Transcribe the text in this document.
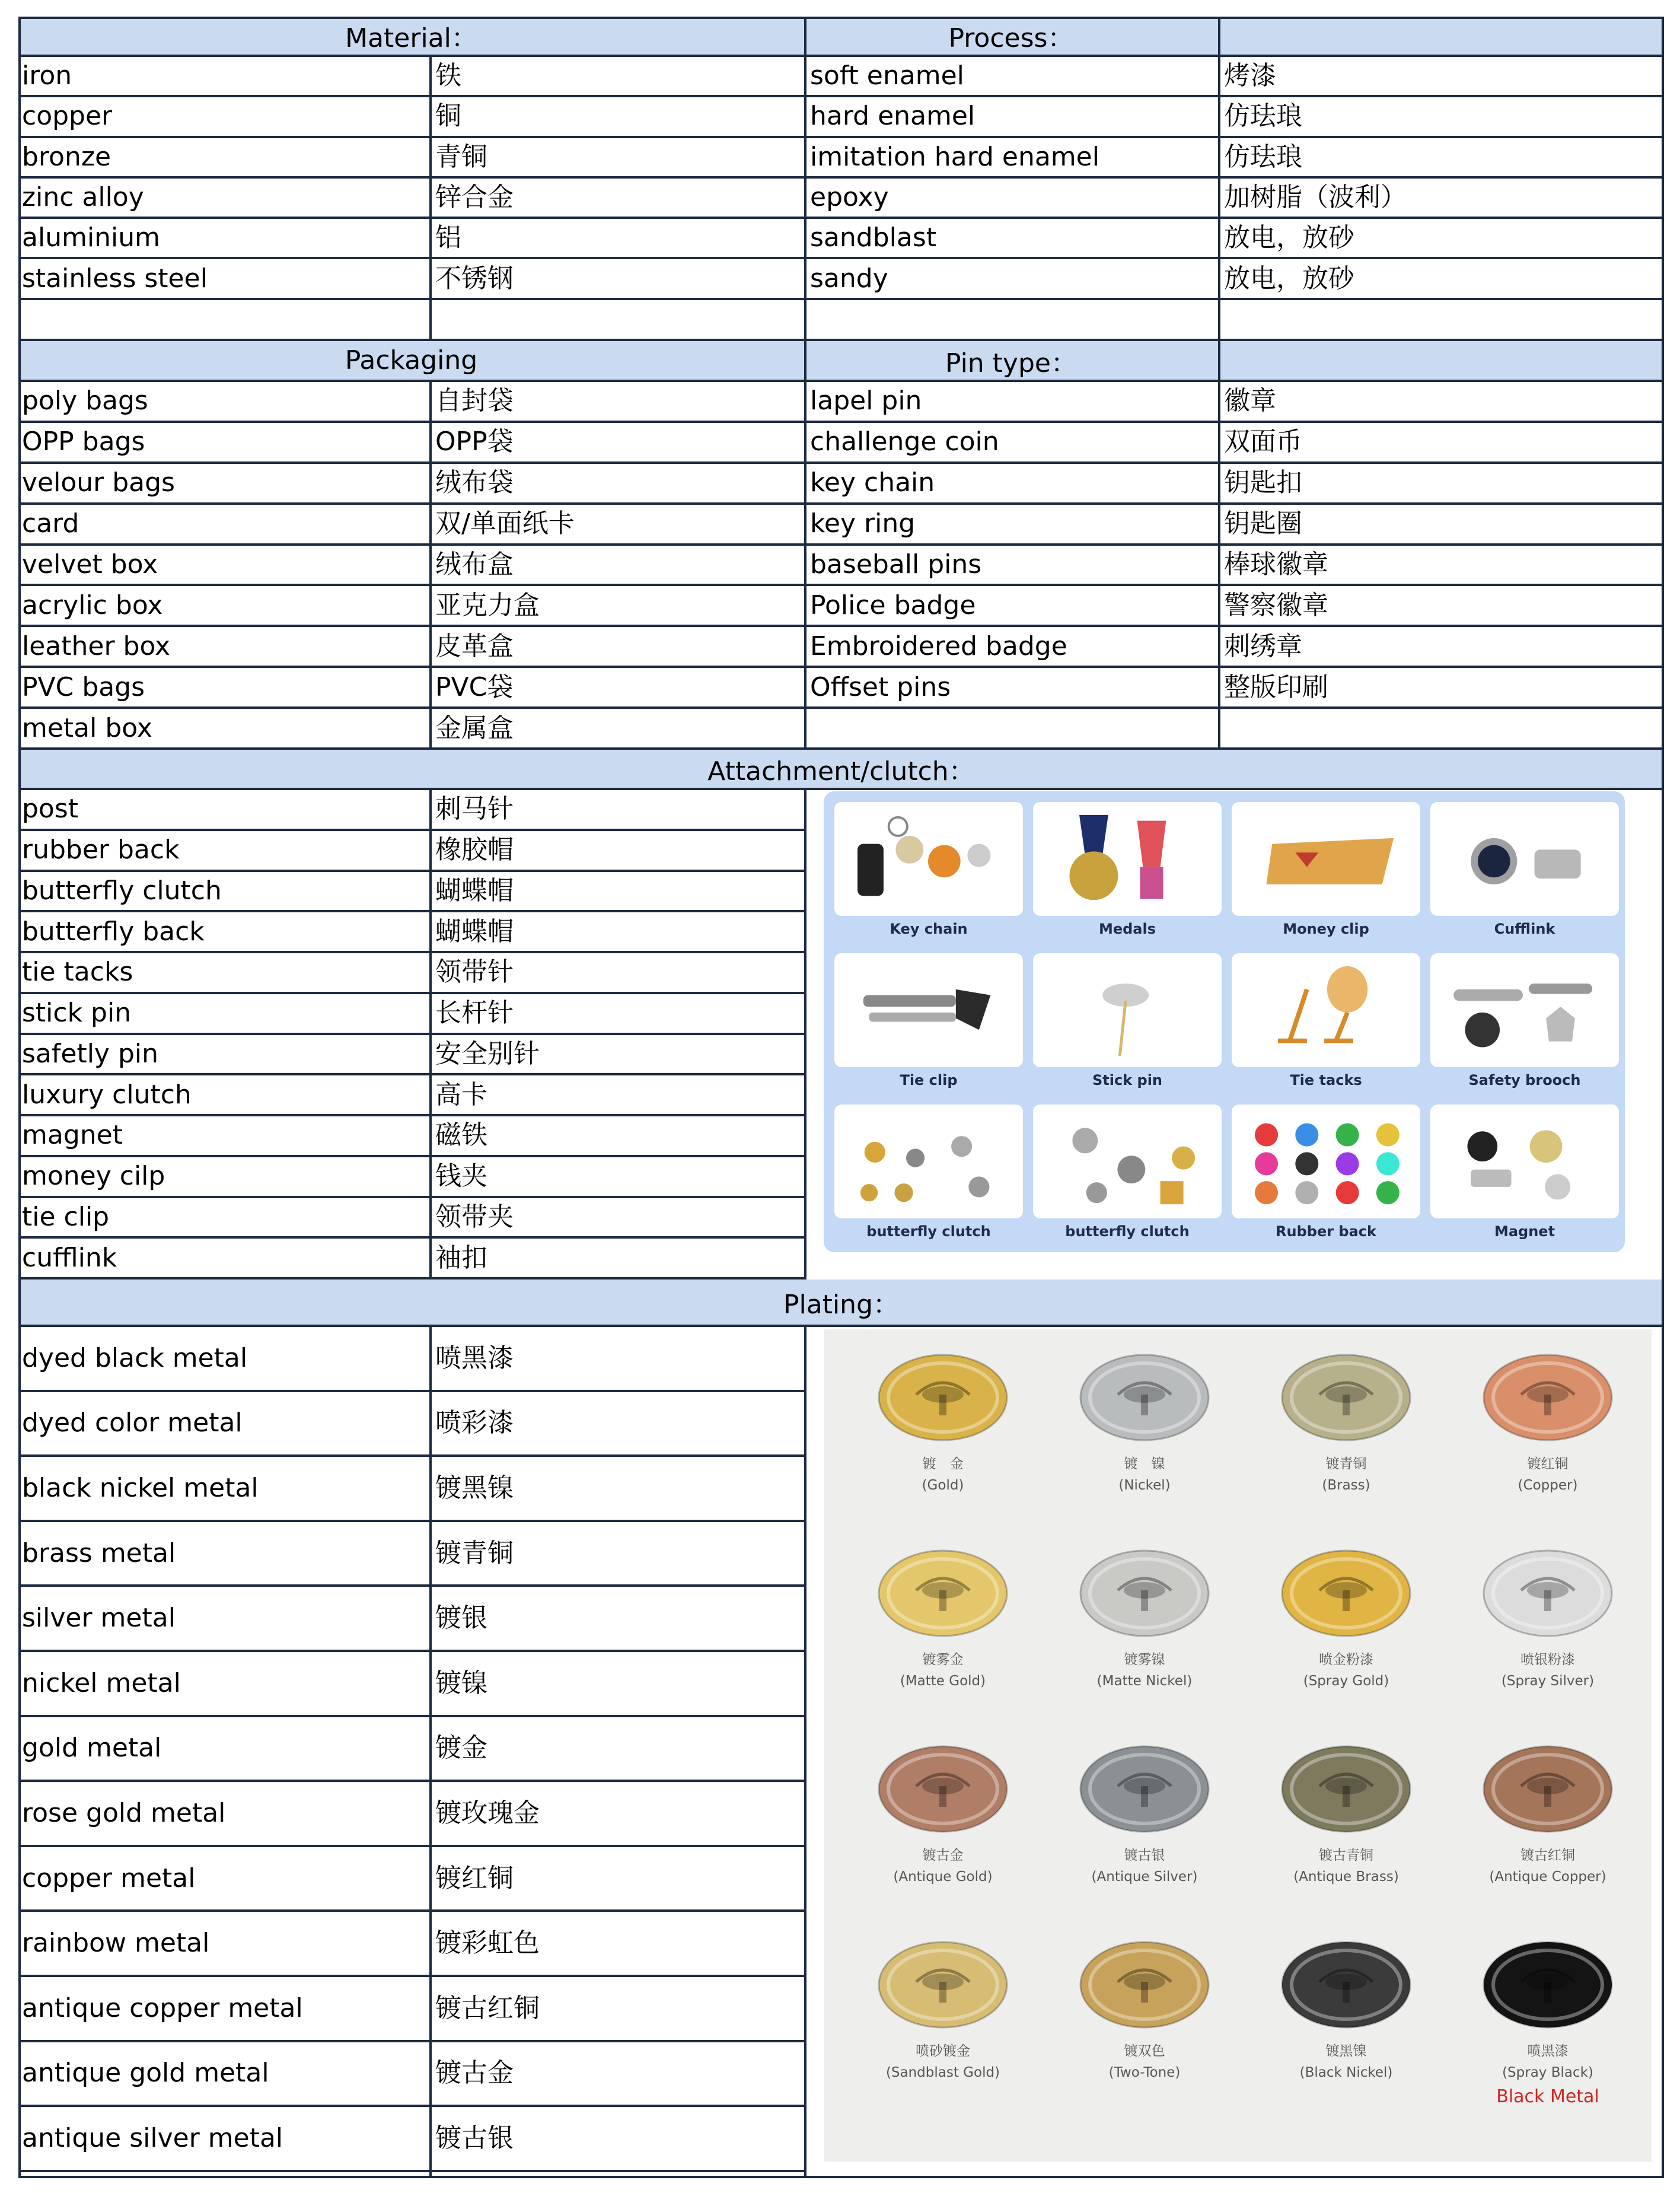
Material：	Process：
iron	铁	soft enamel	烤漆
copper	铜	hard enamel	仿珐琅
bronze	青铜	imitation hard enamel	仿珐琅
zinc alloy	锌合金	epoxy	加树脂（波利）
aluminium	铝	sandblast	放电，放砂
stainless steel	不锈钢	sandy	放电，放砂
Packaging	Pin type：
poly bags	自封袋	lapel pin	徽章
OPP bags	OPP袋	challenge coin	双面币
velour bags	绒布袋	key chain	钥匙扣
card	双/单面纸卡	key ring	钥匙圈
velvet box	绒布盒	baseball pins	棒球徽章
acrylic box	亚克力盒	Police badge	警察徽章
leather box	皮革盒	Embroidered badge	刺绣章
PVC bags	PVC袋	Offset pins	整版印刷
metal box	金属盒
Attachment/clutch：
post	刺马针
rubber back	橡胶帽
butterfly clutch	蝴蝶帽
butterfly back	蝴蝶帽
tie tacks	领带针
stick pin	长杆针
safetly pin	安全别针
luxury clutch	高卡
magnet	磁铁
money cilp	钱夹
tie clip	领带夹
cufflink	袖扣
Plating：
dyed black metal	喷黑漆
dyed color metal	喷彩漆
black nickel metal	镀黑镍
brass metal	镀青铜
silver metal	镀银
nickel metal	镀镍
gold metal	镀金
rose gold metal	镀玫瑰金
copper metal	镀红铜
rainbow metal	镀彩虹色
antique copper metal	镀古红铜
antique gold metal	镀古金
antique silver metal	镀古银
Key chain	Medals	Money clip	Cufflink
Tie clip	Stick pin	Tie tacks	Safety brooch
butterfly clutch	butterfly clutch	Rubber back	Magnet
镀　金
(Gold)
镀　镍
(Nickel)
镀青铜
(Brass)
镀红铜
(Copper)
镀雾金
(Matte Gold)
镀雾镍
(Matte Nickel)
喷金粉漆
(Spray Gold)
喷银粉漆
(Spray Silver)
镀古金
(Antique Gold)
镀古银
(Antique Silver)
镀古青铜
(Antique Brass)
镀古红铜
(Antique Copper)
喷砂镀金
(Sandblast Gold)
镀双色
(Two-Tone)
镀黑镍
(Black Nickel)
喷黑漆
(Spray Black)
Black Metal
